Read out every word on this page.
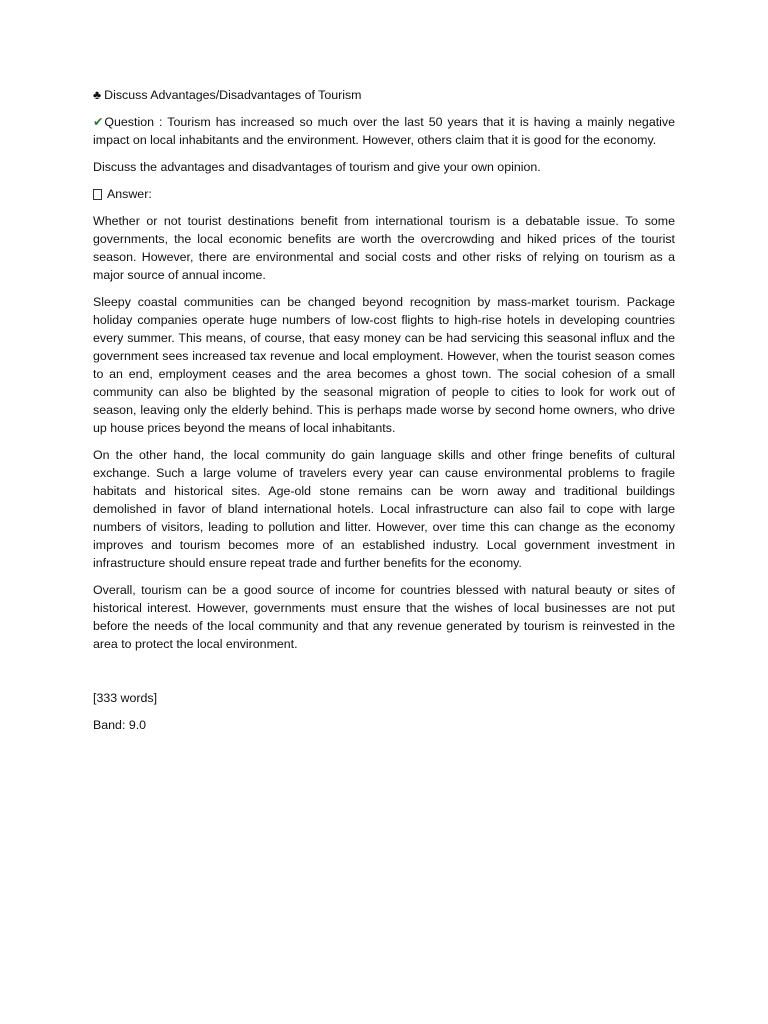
♣ Discuss Advantages/Disadvantages of Tourism

✔Question : Tourism has increased so much over the last 50 years that it is having a mainly negative impact on local inhabitants and the environment. However, others claim that it is good for the economy.

Discuss the advantages and disadvantages of tourism and give your own opinion.

Answer:

Whether or not tourist destinations benefit from international tourism is a debatable issue. To some governments, the local economic benefits are worth the overcrowding and hiked prices of the tourist season. However, there are environmental and social costs and other risks of relying on tourism as a major source of annual income.

Sleepy coastal communities can be changed beyond recognition by mass-market tourism. Package holiday companies operate huge numbers of low-cost flights to high-rise hotels in developing countries every summer. This means, of course, that easy money can be had servicing this seasonal influx and the government sees increased tax revenue and local employment. However, when the tourist season comes to an end, employment ceases and the area becomes a ghost town. The social cohesion of a small community can also be blighted by the seasonal migration of people to cities to look for work out of season, leaving only the elderly behind. This is perhaps made worse by second home owners, who drive up house prices beyond the means of local inhabitants.

On the other hand, the local community do gain language skills and other fringe benefits of cultural exchange. Such a large volume of travelers every year can cause environmental problems to fragile habitats and historical sites. Age-old stone remains can be worn away and traditional buildings demolished in favor of bland international hotels. Local infrastructure can also fail to cope with large numbers of visitors, leading to pollution and litter. However, over time this can change as the economy improves and tourism becomes more of an established industry. Local government investment in infrastructure should ensure repeat trade and further benefits for the economy.

Overall, tourism can be a good source of income for countries blessed with natural beauty or sites of historical interest. However, governments must ensure that the wishes of local businesses are not put before the needs of the local community and that any revenue generated by tourism is reinvested in the area to protect the local environment.

[333 words]

Band: 9.0
